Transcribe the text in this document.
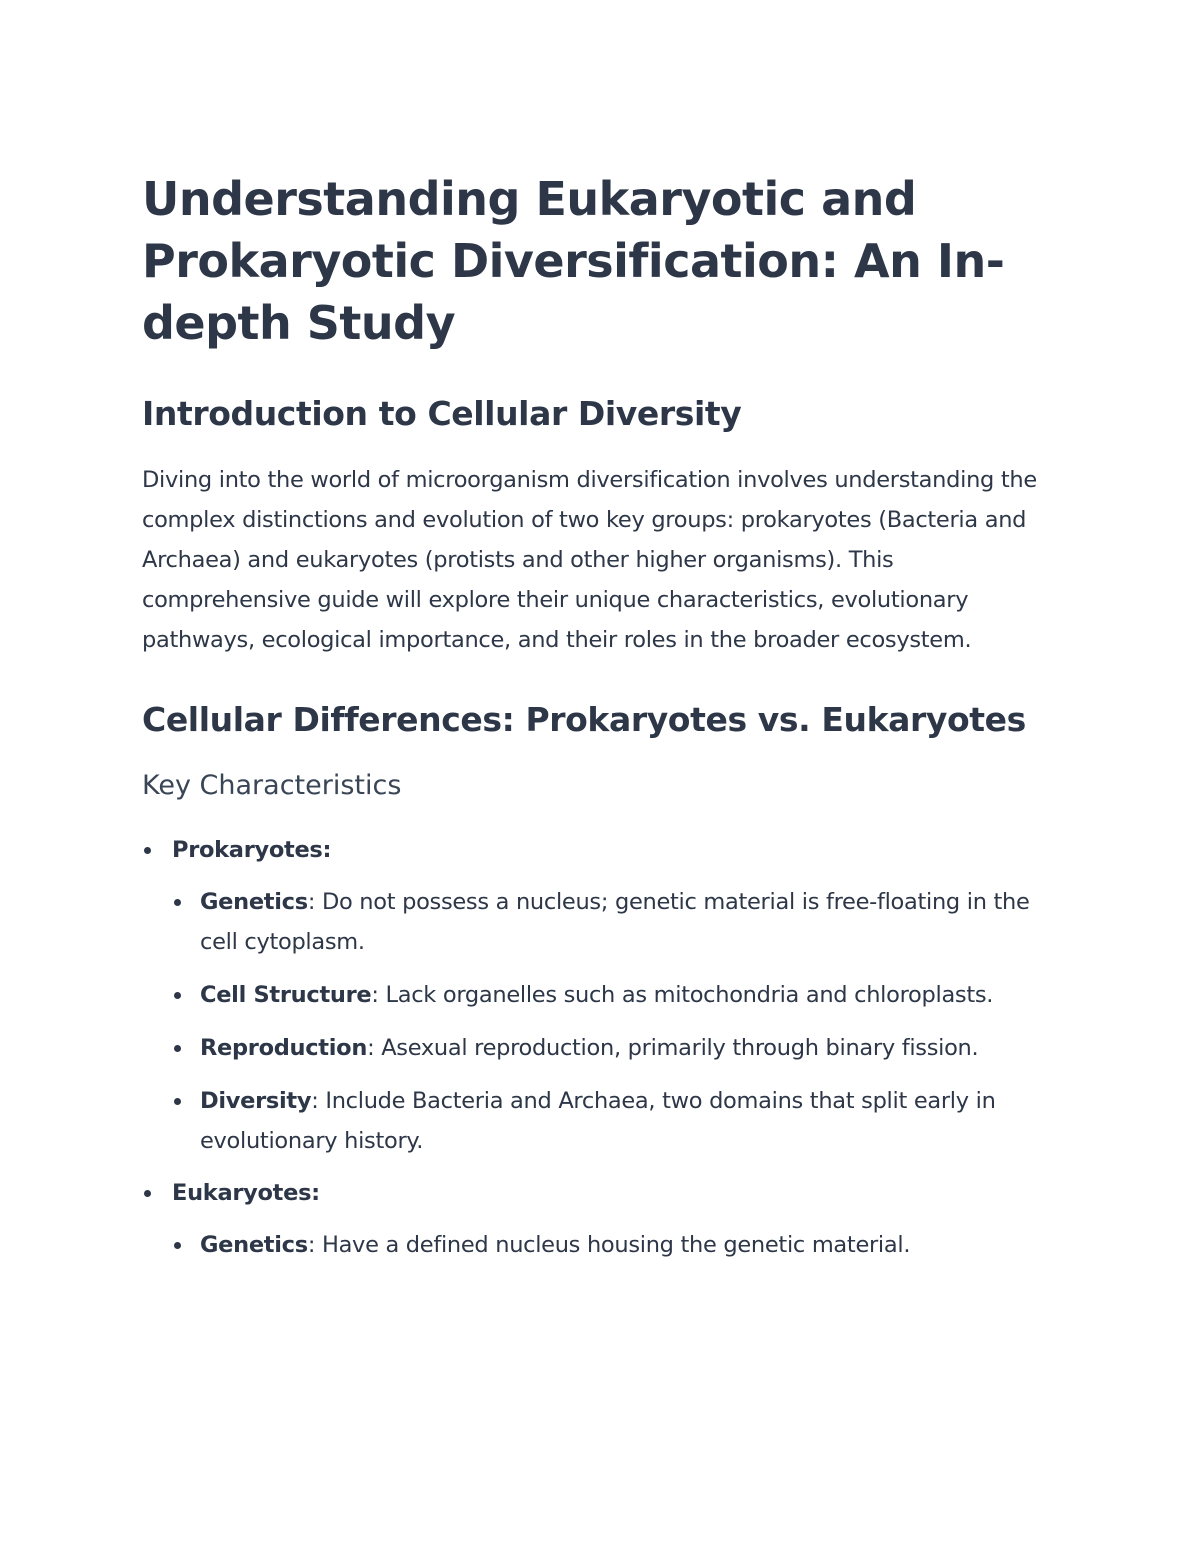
Understanding Eukaryotic and Prokaryotic Diversification: An In-depth Study
Introduction to Cellular Diversity

Diving into the world of microorganism diversification involves understanding the complex distinctions and evolution of two key groups: prokaryotes (Bacteria and Archaea) and eukaryotes (protists and other higher organisms). This comprehensive guide will explore their unique characteristics, evolutionary pathways, ecological importance, and their roles in the broader ecosystem.

Cellular Differences: Prokaryotes vs. Eukaryotes
Key Characteristics
Prokaryotes:
Genetics: Do not possess a nucleus; genetic material is free-floating in the cell cytoplasm.
Cell Structure: Lack organelles such as mitochondria and chloroplasts.
Reproduction: Asexual reproduction, primarily through binary fission.
Diversity: Include Bacteria and Archaea, two domains that split early in evolutionary history.
Eukaryotes:
Genetics: Have a defined nucleus housing the genetic material.
